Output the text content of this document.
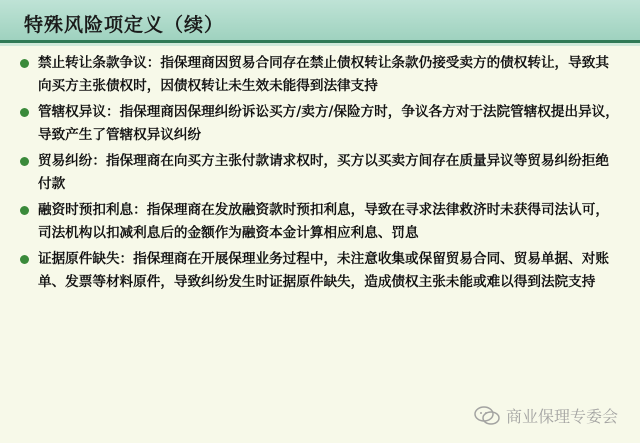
特殊风险项定义（续）
禁止转让条款争议：指保理商因贸易合同存在禁止债权转让条款仍接受卖方的债权转让，导致其向买方主张债权时，因债权转让未生效未能得到法律支持
管辖权异议：指保理商因保理纠纷诉讼买方/卖方/保险方时，争议各方对于法院管辖权提出异议，导致产生了管辖权异议纠纷
贸易纠纷：指保理商在向买方主张付款请求权时，买方以买卖方间存在质量异议等贸易纠纷拒绝付款
融资时预扣利息：指保理商在发放融资款时预扣利息，导致在寻求法律救济时未获得司法认可，司法机构以扣减利息后的金额作为融资本金计算相应利息、罚息
证据原件缺失：指保理商在开展保理业务过程中，未注意收集或保留贸易合同、贸易单据、对账单、发票等材料原件，导致纠纷发生时证据原件缺失，造成债权主张未能或难以得到法院支持
商业保理专委会
